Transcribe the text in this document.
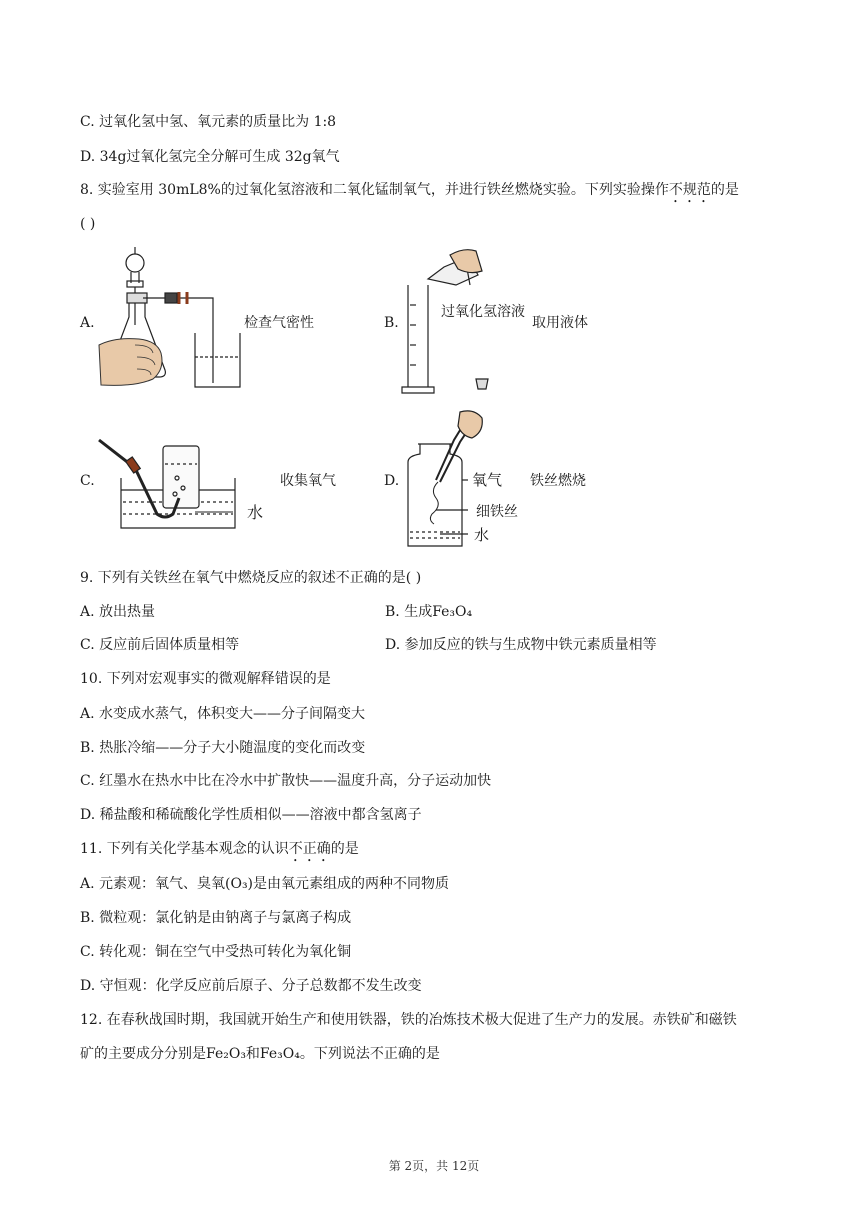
C. 过氧化氢中氢、氧元素的质量比为 1:8
D. 34g过氧化氢完全分解可生成 32g氧气
8. 实验室用 30mL8%的过氧化氢溶液和二氧化锰制氧气，并进行铁丝燃烧实验。下列实验操作不规范的是
( )
A.	检查气密性	B.
过氧化氢溶液
取用液体
C.
水
收集氧气	D.	氧气
细铁丝
水
铁丝燃烧
9. 下列有关铁丝在氧气中燃烧反应的叙述不正确的是( )
A. 放出热量	B. 生成Fe₃O₄
C. 反应前后固体质量相等	D. 参加反应的铁与生成物中铁元素质量相等
10. 下列对宏观事实的微观解释错误的是
A. 水变成水蒸气，体积变大——分子间隔变大
B. 热胀冷缩——分子大小随温度的变化而改变
C. 红墨水在热水中比在冷水中扩散快——温度升高，分子运动加快
D. 稀盐酸和稀硫酸化学性质相似——溶液中都含氢离子
11. 下列有关化学基本观念的认识不正确的是
A. 元素观：氧气、臭氧(O₃)是由氧元素组成的两种不同物质
B. 微粒观：氯化钠是由钠离子与氯离子构成
C. 转化观：铜在空气中受热可转化为氧化铜
D. 守恒观：化学反应前后原子、分子总数都不发生改变
12. 在春秋战国时期，我国就开始生产和使用铁器，铁的冶炼技术极大促进了生产力的发展。赤铁矿和磁铁
矿的主要成分分别是Fe₂O₃和Fe₃O₄。下列说法不正确的是
第 2页，共 12页
